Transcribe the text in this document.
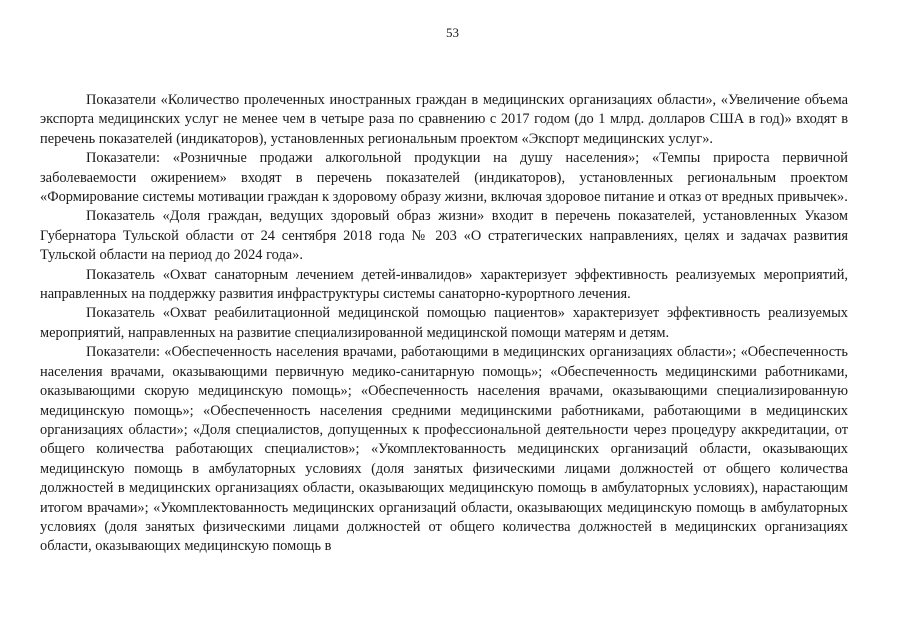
53

Показатели «Количество пролеченных иностранных граждан в медицинских организациях области», «Увеличение объема экспорта медицинских услуг не менее чем в четыре раза по сравнению с 2017 годом (до 1 млрд. долларов США в год)» входят в перечень показателей (индикаторов), установленных региональным проектом «Экспорт медицинских услуг».

Показатели: «Розничные продажи алкогольной продукции на душу населения»; «Темпы прироста первичной заболеваемости ожирением» входят в перечень показателей (индикаторов), установленных региональным проектом «Формирование системы мотивации граждан к здоровому образу жизни, включая здоровое питание и отказ от вредных привычек».

Показатель «Доля граждан, ведущих здоровый образ жизни» входит в перечень показателей, установленных Указом Губернатора Тульской области от 24 сентября 2018 года № 203 «О стратегических направлениях, целях и задачах развития Тульской области на период до 2024 года».

Показатель «Охват санаторным лечением детей-инвалидов» характеризует эффективность реализуемых мероприятий, направленных на поддержку развития инфраструктуры системы санаторно-курортного лечения.

Показатель «Охват реабилитационной медицинской помощью пациентов» характеризует эффективность реализуемых мероприятий, направленных на развитие специализированной медицинской помощи матерям и детям.

Показатели: «Обеспеченность населения врачами, работающими в медицинских организациях области»; «Обеспеченность населения врачами, оказывающими первичную медико-санитарную помощь»; «Обеспеченность медицинскими работниками, оказывающими скорую медицинскую помощь»; «Обеспеченность населения врачами, оказывающими специализированную медицинскую помощь»; «Обеспеченность населения средними медицинскими работниками, работающими в медицинских организациях области»; «Доля специалистов, допущенных к профессиональной деятельности через процедуру аккредитации, от общего количества работающих специалистов»; «Укомплектованность медицинских организаций области, оказывающих медицинскую помощь в амбулаторных условиях (доля занятых физическими лицами должностей от общего количества должностей в медицинских организациях области, оказывающих медицинскую помощь в амбулаторных условиях), нарастающим итогом врачами»; «Укомплектованность медицинских организаций области, оказывающих медицинскую помощь в амбулаторных условиях (доля занятых физическими лицами должностей от общего количества должностей в медицинских организациях области, оказывающих медицинскую помощь в
